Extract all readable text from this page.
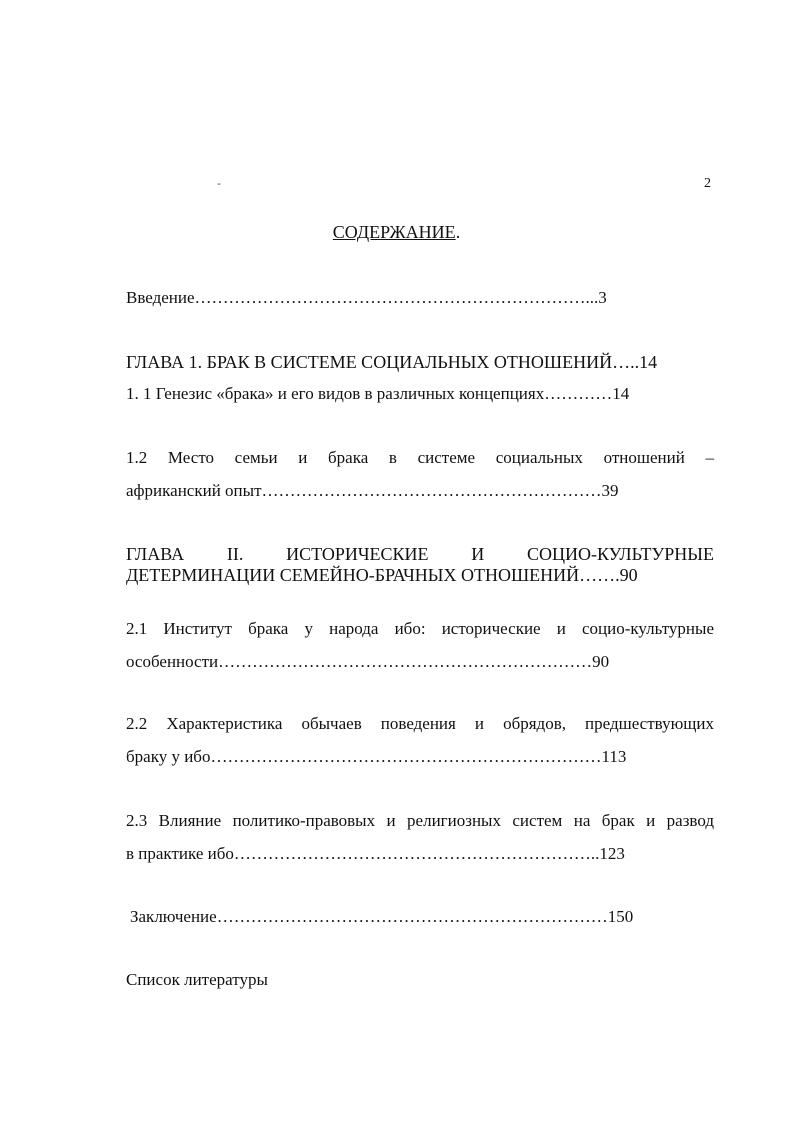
-	2
СОДЕРЖАНИЕ.
Введение……………………………………………………………...3
ГЛАВА 1. БРАК В СИСТЕМЕ СОЦИАЛЬНЫХ ОТНОШЕНИЙ…..14
1. 1 Генезис «брака» и его видов в различных концепциях…………14
1.2 Место семьи и брака в системе социальных отношений –
африканский опыт……………………………………………………39
ГЛАВА II. ИСТОРИЧЕСКИЕ И СОЦИО-КУЛЬТУРНЫЕ
ДЕТЕРМИНАЦИИ СЕМЕЙНО-БРАЧНЫХ ОТНОШЕНИЙ…….90
2.1 Институт брака у народа ибо: исторические и социо-культурные
особенности…………………………………………………………90
2.2 Характеристика обычаев поведения и обрядов, предшествующих
браку у ибо……………………………………………………………113
2.3 Влияние политико-правовых и религиозных систем на брак и развод
в практике ибо………………………………………………………..123
Заключение……………………………………………………………150
Список литературы
